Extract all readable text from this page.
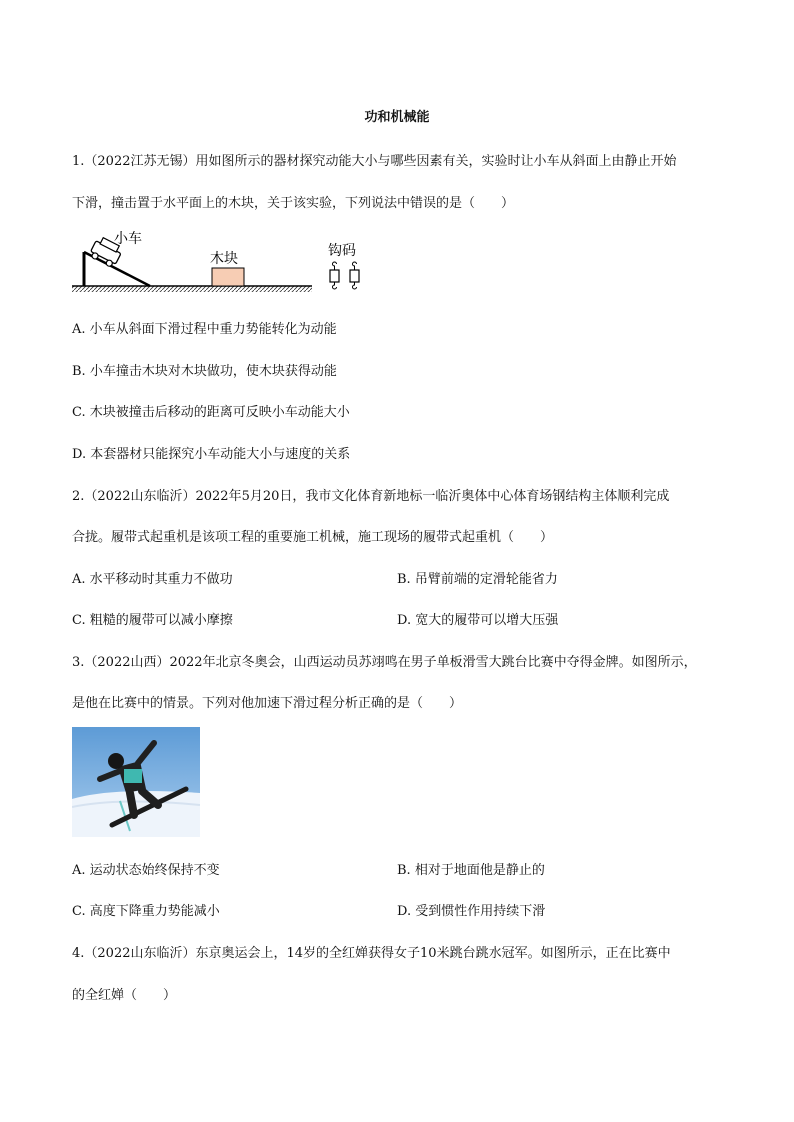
功和机械能
1.（2022江苏无锡）用如图所示的器材探究动能大小与哪些因素有关，实验时让小车从斜面上由静止开始
下滑，撞击置于水平面上的木块，关于该实验，下列说法中错误的是（　　）
小车
木块	钩码
A. 小车从斜面下滑过程中重力势能转化为动能
B. 小车撞击木块对木块做功，使木块获得动能
C. 木块被撞击后移动的距离可反映小车动能大小
D. 本套器材只能探究小车动能大小与速度的关系
2.（2022山东临沂）2022年5月20日，我市文化体育新地标一临沂奥体中心体育场钢结构主体顺利完成
合拢。履带式起重机是该项工程的重要施工机械，施工现场的履带式起重机（　　）
A. 水平移动时其重力不做功	B. 吊臂前端的定滑轮能省力
C. 粗糙的履带可以减小摩擦	D. 宽大的履带可以增大压强
3.（2022山西）2022年北京冬奥会，山西运动员苏翊鸣在男子单板滑雪大跳台比赛中夺得金牌。如图所示，
是他在比赛中的情景。下列对他加速下滑过程分析正确的是（　　）
A. 运动状态始终保持不变	B. 相对于地面他是静止的
C. 高度下降重力势能减小	D. 受到惯性作用持续下滑
4.（2022山东临沂）东京奥运会上，14岁的全红婵获得女子10米跳台跳水冠军。如图所示，正在比赛中
的全红婵（　　）
